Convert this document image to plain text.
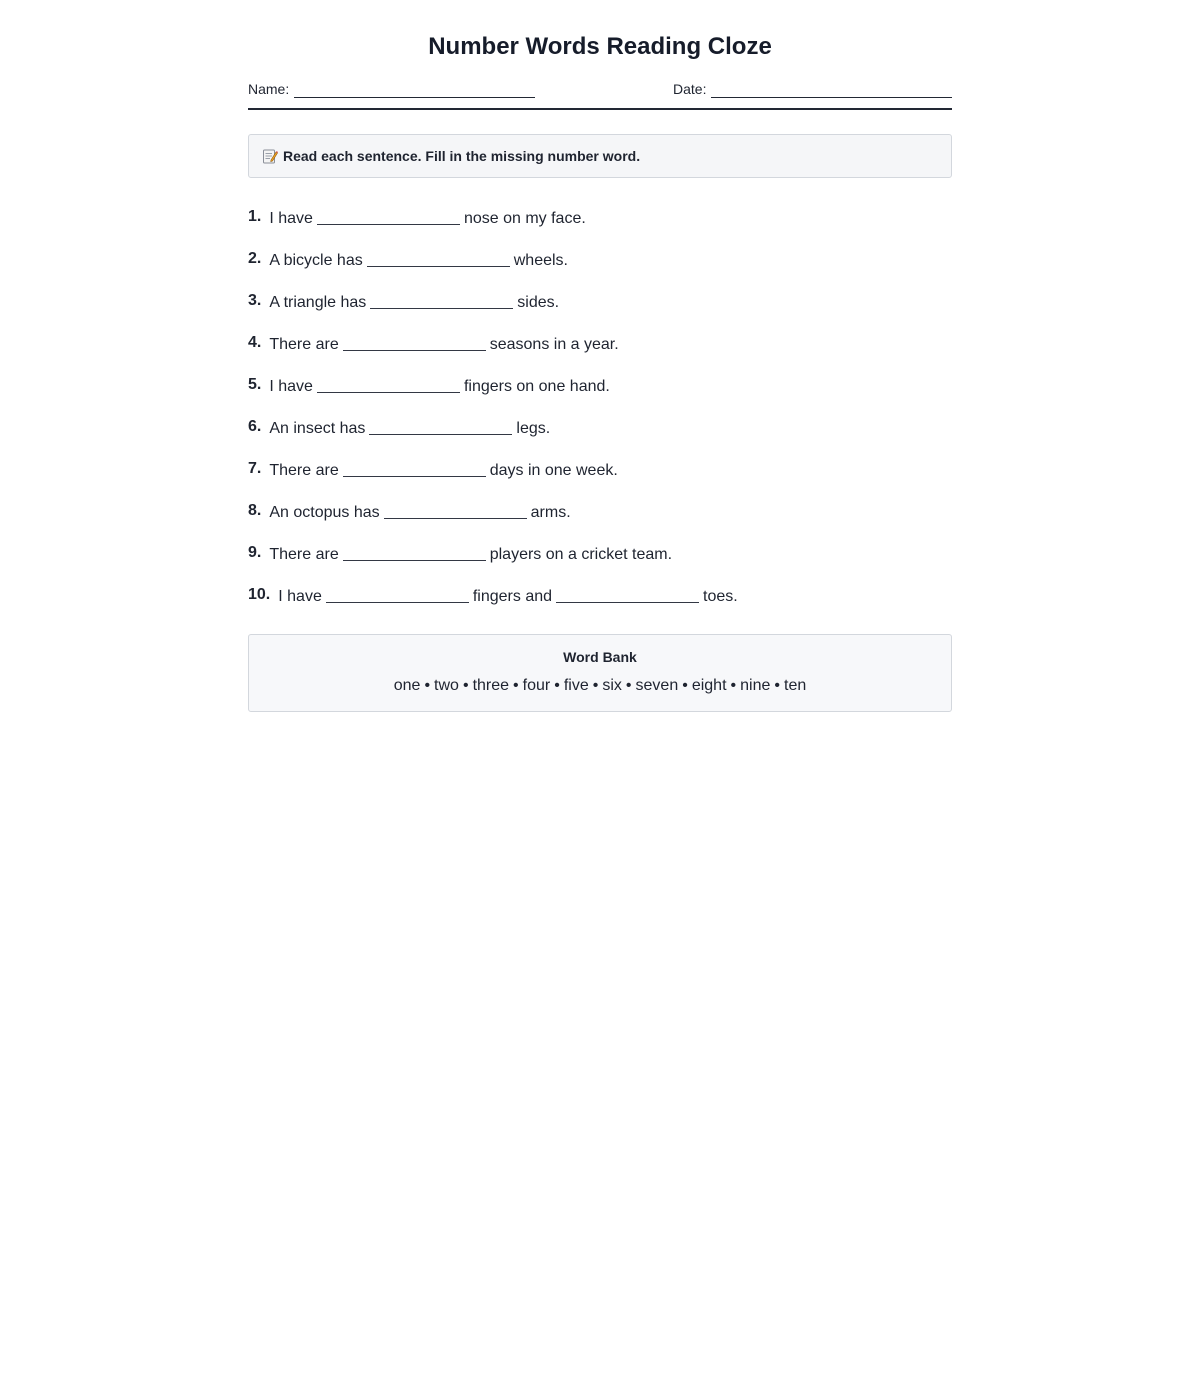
Number Words Reading Cloze
Name:	Date:
Read each sentence. Fill in the missing number word.
1. I have	nose on my face.
2. A bicycle has	wheels.
3. A triangle has	sides.
4. There are	seasons in a year.
5. I have	fingers on one hand.
6. An insect has	legs.
7. There are	days in one week.
8. An octopus has	arms.
9. There are	players on a cricket team.
10. I have	fingers and	toes.
Word Bank
one • two • three • four • five • six • seven • eight • nine • ten
